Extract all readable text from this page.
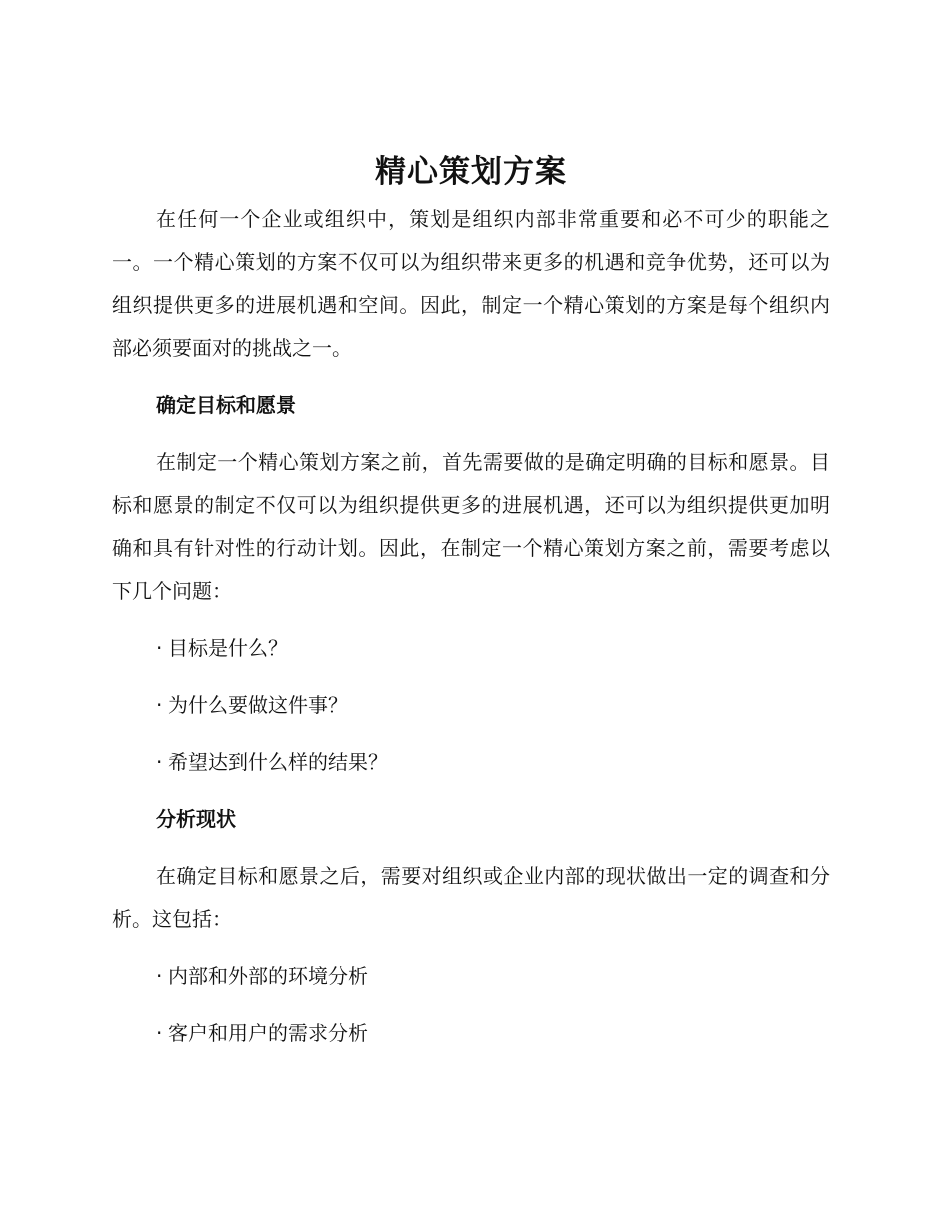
精心策划方案

在任何一个企业或组织中，策划是组织内部非常重要和必不可少的职能之一。一个精心策划的方案不仅可以为组织带来更多的机遇和竞争优势，还可以为组织提供更多的进展机遇和空间。因此，制定一个精心策划的方案是每个组织内部必须要面对的挑战之一。

确定目标和愿景

在制定一个精心策划方案之前，首先需要做的是确定明确的目标和愿景。目标和愿景的制定不仅可以为组织提供更多的进展机遇，还可以为组织提供更加明确和具有针对性的行动计划。因此，在制定一个精心策划方案之前，需要考虑以下几个问题：

· 目标是什么？
· 为什么要做这件事？
· 希望达到什么样的结果？
分析现状

在确定目标和愿景之后，需要对组织或企业内部的现状做出一定的调查和分析。这包括：

· 内部和外部的环境分析
· 客户和用户的需求分析
